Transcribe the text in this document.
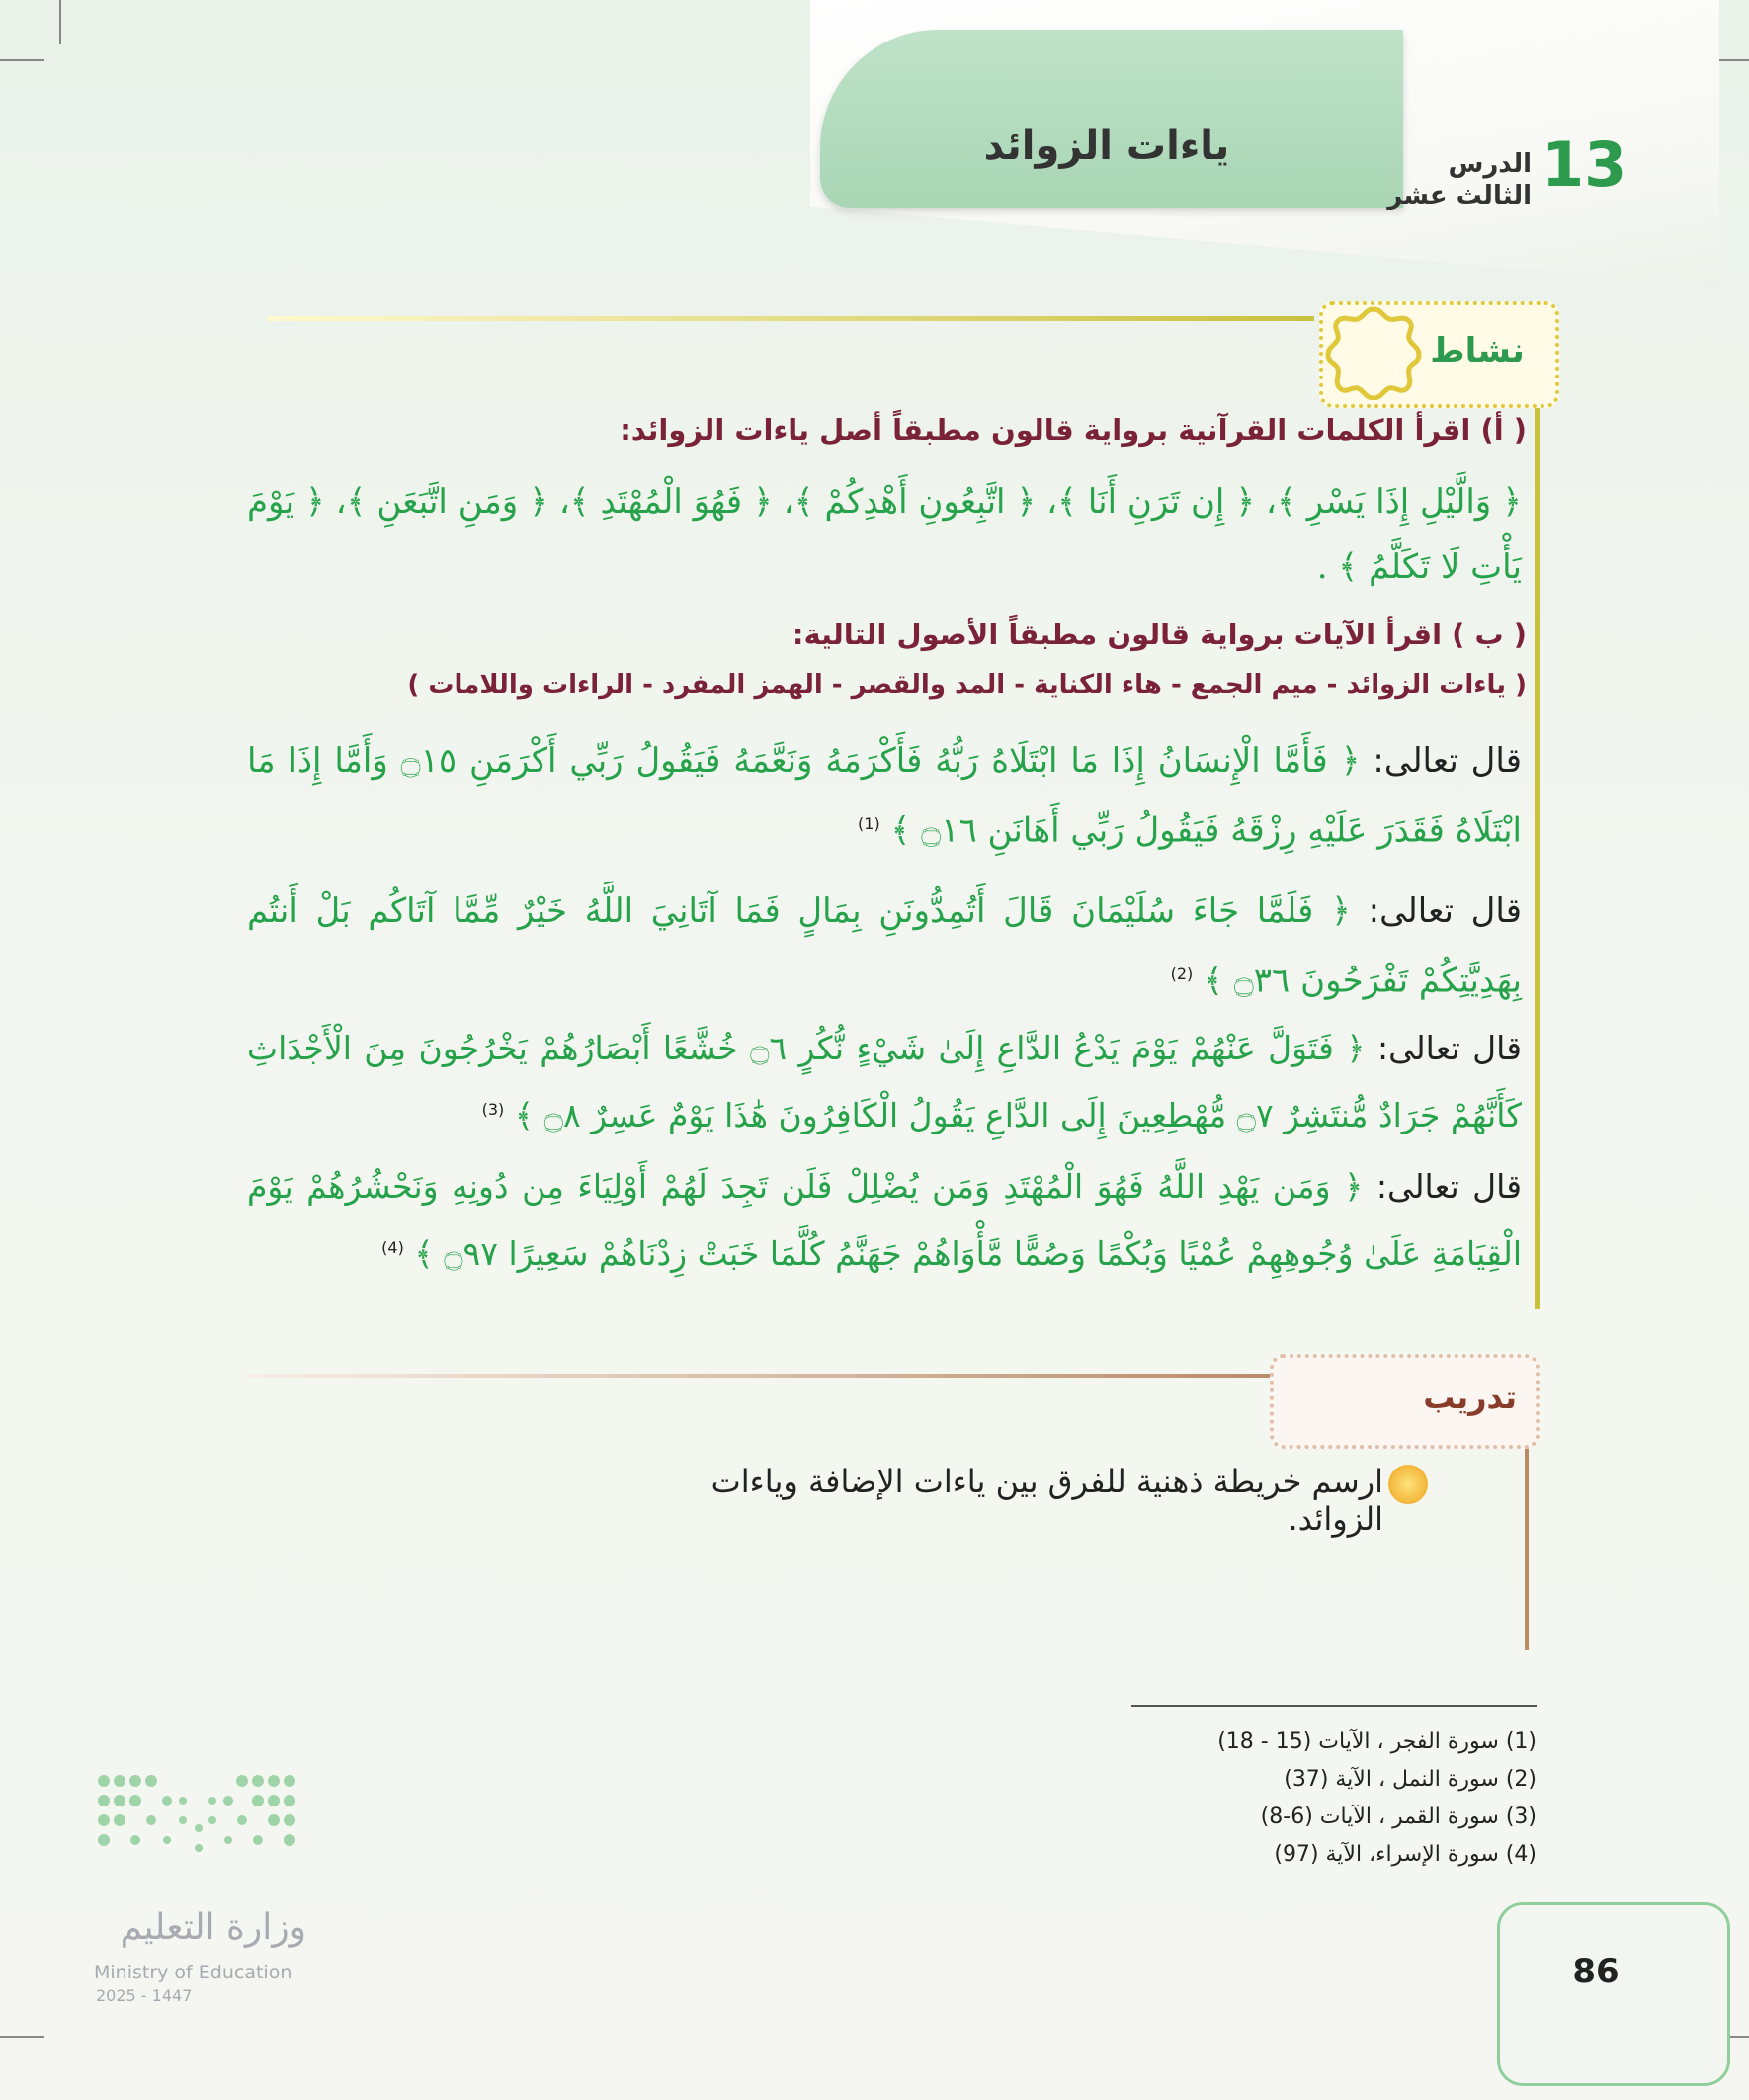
ياءات الزوائد	الدرس الثالث عشر 13
نشاط
( أ) اقرأ الكلمات القرآنية برواية قالون مطبقاً أصل ياءات الزوائد:
﴿ وَالَّيْلِ إِذَا يَسْرِ ﴾، ﴿ إِن تَرَنِ أَنَا ﴾، ﴿ اتَّبِعُونِ أَهْدِكُمْ ﴾، ﴿ فَهُوَ الْمُهْتَدِ ﴾، ﴿ وَمَنِ اتَّبَعَنِ ﴾، ﴿ يَوْمَ يَأْتِ لَا تَكَلَّمُ ﴾ .
( ب ) اقرأ الآيات برواية قالون مطبقاً الأصول التالية:
( ياءات الزوائد - ميم الجمع - هاء الكناية - المد والقصر - الهمز المفرد - الراءات واللامات )
قال تعالى: ﴿ فَأَمَّا الْإِنسَانُ إِذَا مَا ابْتَلَاهُ رَبُّهُ فَأَكْرَمَهُ وَنَعَّمَهُ فَيَقُولُ رَبِّي أَكْرَمَنِ ۝١٥ وَأَمَّا إِذَا مَا ابْتَلَاهُ فَقَدَرَ عَلَيْهِ رِزْقَهُ فَيَقُولُ رَبِّي أَهَانَنِ ۝١٦ ﴾ $^{(1)}$
قال تعالى: ﴿ فَلَمَّا جَاءَ سُلَيْمَانَ قَالَ أَتُمِدُّونَنِ بِمَالٍ فَمَا آتَانِيَ اللَّهُ خَيْرٌ مِّمَّا آتَاكُم بَلْ أَنتُم بِهَدِيَّتِكُمْ تَفْرَحُونَ ۝٣٦ ﴾ $^{(2)}$
قال تعالى: ﴿ فَتَوَلَّ عَنْهُمْ يَوْمَ يَدْعُ الدَّاعِ إِلَىٰ شَيْءٍ نُّكُرٍ ۝٦ خُشَّعًا أَبْصَارُهُمْ يَخْرُجُونَ مِنَ الْأَجْدَاثِ كَأَنَّهُمْ جَرَادٌ مُّنتَشِرٌ ۝٧ مُّهْطِعِينَ إِلَى الدَّاعِ يَقُولُ الْكَافِرُونَ هَٰذَا يَوْمٌ عَسِرٌ ۝٨ ﴾ $^{(3)}$
قال تعالى: ﴿ وَمَن يَهْدِ اللَّهُ فَهُوَ الْمُهْتَدِ وَمَن يُضْلِلْ فَلَن تَجِدَ لَهُمْ أَوْلِيَاءَ مِن دُونِهِ وَنَحْشُرُهُمْ يَوْمَ الْقِيَامَةِ عَلَىٰ وُجُوهِهِمْ عُمْيًا وَبُكْمًا وَصُمًّا مَّأْوَاهُمْ جَهَنَّمُ كُلَّمَا خَبَتْ زِدْنَاهُمْ سَعِيرًا ۝٩٧ ﴾ $^{(4)}$
تدريب
ارسم خريطة ذهنية للفرق بين ياءات الإضافة وياءات الزوائد.
(1) سورة الفجر ، الآيات (15 - 18)
(2) سورة النمل ، الآية (37)
(3) سورة القمر ، الآيات (6-8)
(4) سورة الإسراء، الآية (97)
وزارة التعليم
Ministry of Education
2025 - 1447
86
